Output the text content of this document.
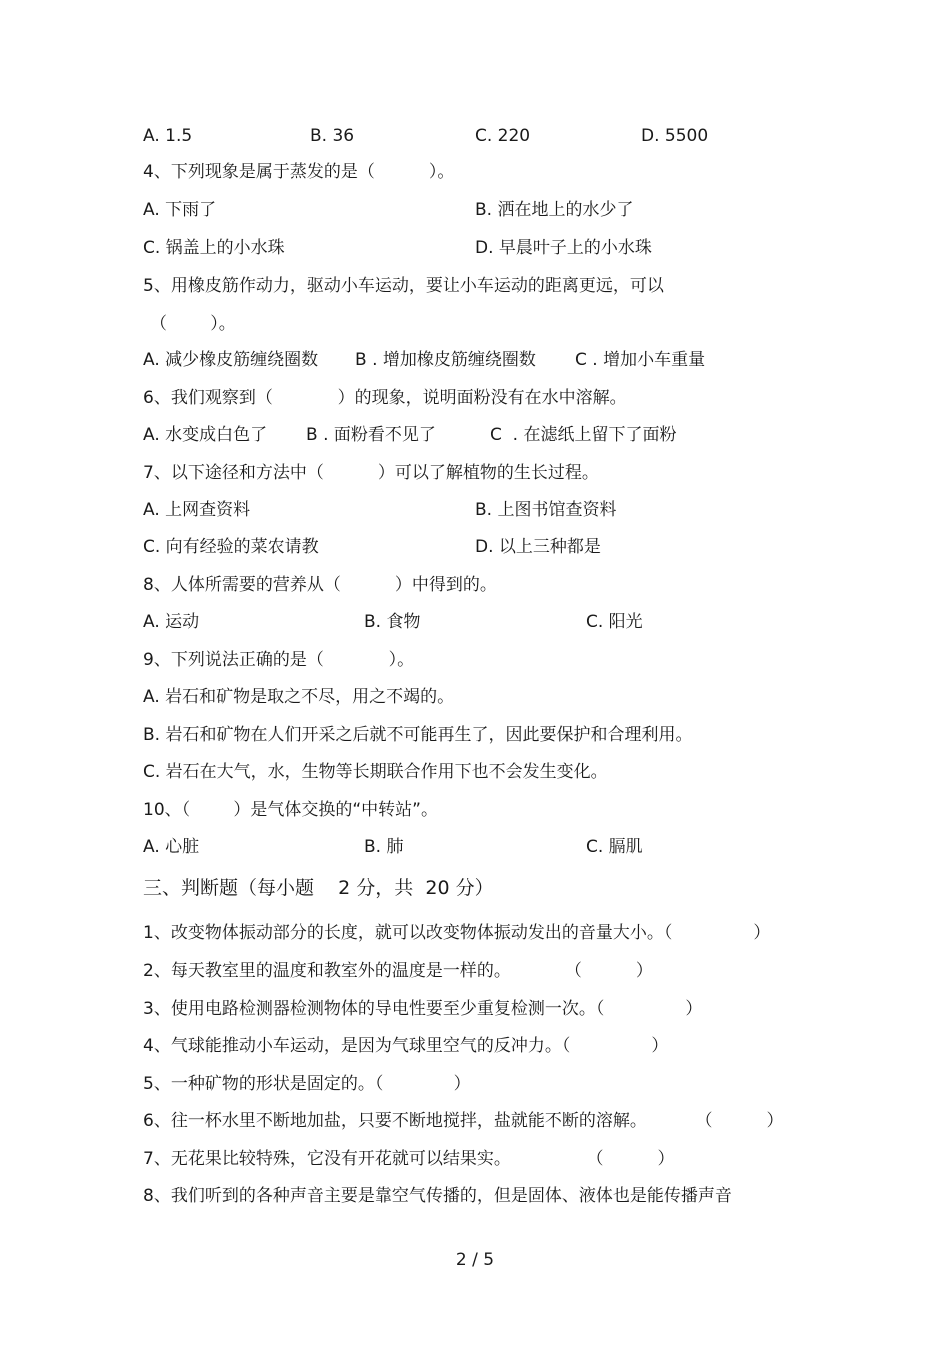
A. 1.5	B. 36	C. 220	D. 5500
4、下列现象是属于蒸发的是（          ）。
A. 下雨了	B. 洒在地上的水少了
C. 锅盖上的小水珠	D. 早晨叶子上的小水珠
5、用橡皮筋作动力，驱动小车运动，要让小车运动的距离更远，可以
（        ）。
A. 减少橡皮筋缠绕圈数 B . 增加橡皮筋缠绕圈数 C . 增加小车重量
6、我们观察到（            ）的现象，说明面粉没有在水中溶解。
A. 水变成白色了 B . 面粉看不见了	C  . 在滤纸上留下了面粉
7、以下途径和方法中（          ）可以了解植物的生长过程。
A. 上网查资料	B. 上图书馆查资料
C. 向有经验的菜农请教	D. 以上三种都是
8、人体所需要的营养从（          ）中得到的。
A. 运动	B. 食物	C. 阳光
9、下列说法正确的是（            ）。
A. 岩石和矿物是取之不尽，用之不竭的。
B. 岩石和矿物在人们开采之后就不可能再生了，因此要保护和合理利用。
C. 岩石在大气，水，生物等长期联合作用下也不会发生变化。
10、（        ）是气体交换的“中转站”。
A. 心脏	B. 肺	C. 膈肌
三、判断题（每小题    2 分，共  20 分）
1、改变物体振动部分的长度，就可以改变物体振动发出的音量大小。（               ）
2、每天教室里的温度和教室外的温度是一样的。          （          ）
3、使用电路检测器检测物体的导电性要至少重复检测一次。（               ）
4、气球能推动小车运动，是因为气球里空气的反冲力。（               ）
5、一种矿物的形状是固定的。（             ）
6、往一杯水里不断地加盐，只要不断地搅拌，盐就能不断的溶解。         （          ）
7、无花果比较特殊，它没有开花就可以结果实。              （          ）
8、我们听到的各种声音主要是靠空气传播的，但是固体、液体也是能传播声音
2 / 5
